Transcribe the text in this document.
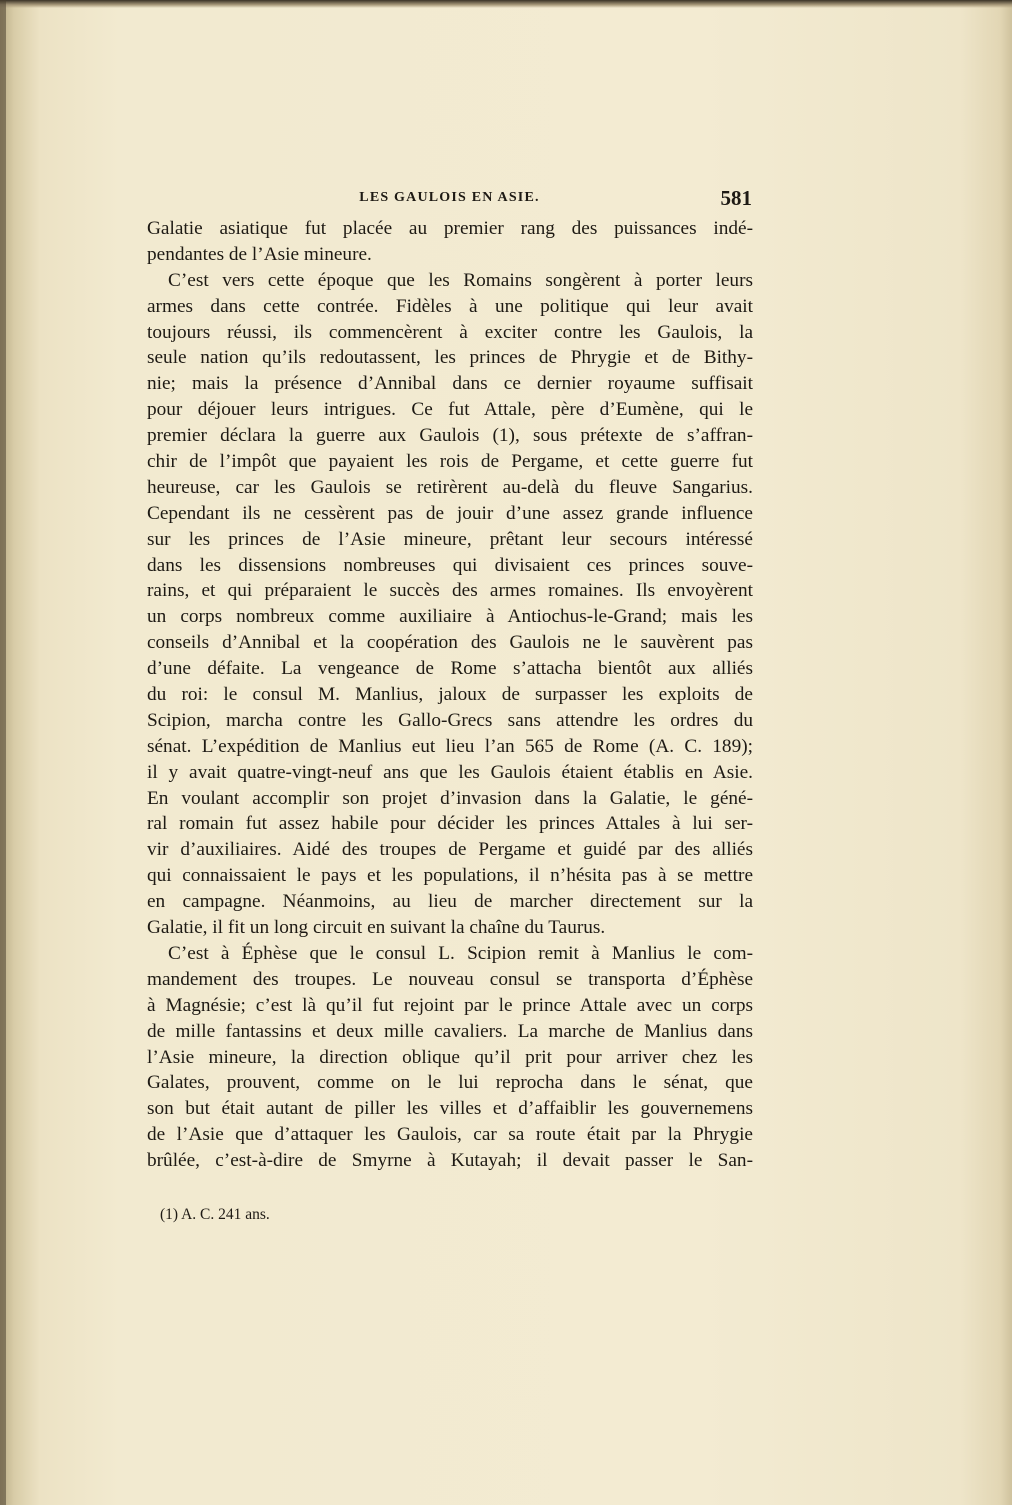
LES GAULOIS EN ASIE.	581
Galatie asiatique fut placée au premier rang des puissances indé-
pendantes de l’Asie mineure.
C’est vers cette époque que les Romains songèrent à porter leurs
armes dans cette contrée. Fidèles à une politique qui leur avait
toujours réussi, ils commencèrent à exciter contre les Gaulois, la
seule nation qu’ils redoutassent, les princes de Phrygie et de Bithy-
nie; mais la présence d’Annibal dans ce dernier royaume suffisait
pour déjouer leurs intrigues. Ce fut Attale, père d’Eumène, qui le
premier déclara la guerre aux Gaulois (1), sous prétexte de s’affran-
chir de l’impôt que payaient les rois de Pergame, et cette guerre fut
heureuse, car les Gaulois se retirèrent au-delà du fleuve Sangarius.
Cependant ils ne cessèrent pas de jouir d’une assez grande influence
sur les princes de l’Asie mineure, prêtant leur secours intéressé
dans les dissensions nombreuses qui divisaient ces princes souve-
rains, et qui préparaient le succès des armes romaines. Ils envoyèrent
un corps nombreux comme auxiliaire à Antiochus-le-Grand; mais les
conseils d’Annibal et la coopération des Gaulois ne le sauvèrent pas
d’une défaite. La vengeance de Rome s’attacha bientôt aux alliés
du roi: le consul M. Manlius, jaloux de surpasser les exploits de
Scipion, marcha contre les Gallo-Grecs sans attendre les ordres du
sénat. L’expédition de Manlius eut lieu l’an 565 de Rome (A. C. 189);
il y avait quatre-vingt-neuf ans que les Gaulois étaient établis en Asie.
En voulant accomplir son projet d’invasion dans la Galatie, le géné-
ral romain fut assez habile pour décider les princes Attales à lui ser-
vir d’auxiliaires. Aidé des troupes de Pergame et guidé par des alliés
qui connaissaient le pays et les populations, il n’hésita pas à se mettre
en campagne. Néanmoins, au lieu de marcher directement sur la
Galatie, il fit un long circuit en suivant la chaîne du Taurus.
C’est à Éphèse que le consul L. Scipion remit à Manlius le com-
mandement des troupes. Le nouveau consul se transporta d’Éphèse
à Magnésie; c’est là qu’il fut rejoint par le prince Attale avec un corps
de mille fantassins et deux mille cavaliers. La marche de Manlius dans
l’Asie mineure, la direction oblique qu’il prit pour arriver chez les
Galates, prouvent, comme on le lui reprocha dans le sénat, que
son but était autant de piller les villes et d’affaiblir les gouvernemens
de l’Asie que d’attaquer les Gaulois, car sa route était par la Phrygie
brûlée, c’est-à-dire de Smyrne à Kutayah; il devait passer le San-
(1) A. C. 241 ans.
